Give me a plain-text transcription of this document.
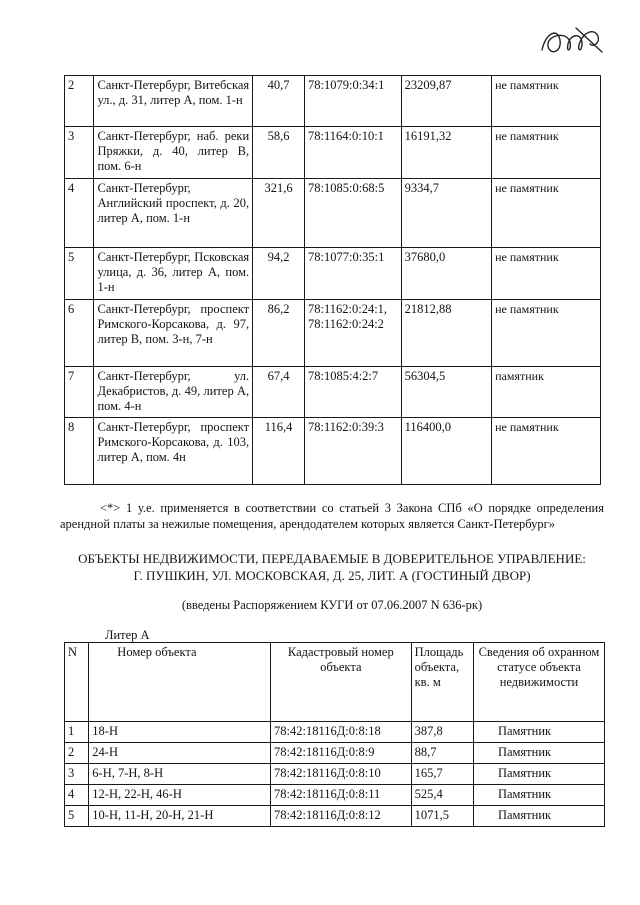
2	Санкт-Петербург, Витебская ул., д. 31, литер А, пом. 1-н	40,7	78:1079:0:34:1	23209,87	не памятник
3	Санкт-Петербург, наб. реки Пряжки, д. 40, литер В, пом. 6-н	58,6	78:1164:0:10:1	16191,32	не памятник
4	Санкт-Петербург, Английский проспект, д. 20, литер А, пом. 1-н	321,6	78:1085:0:68:5	9334,7	не памятник
5	Санкт-Петербург, Псковская улица, д. 36, литер А, пом. 1-н	94,2	78:1077:0:35:1	37680,0	не памятник
6	Санкт-Петербург, проспект Римского-Корсакова, д. 97, литер В, пом. 3-н, 7-н	86,2	78:1162:0:24:1, 78:1162:0:24:2	21812,88	не памятник
7	Санкт-Петербург, ул. Декабристов, д. 49, литер А, пом. 4-н	67,4	78:1085:4:2:7	56304,5	памятник
8	Санкт-Петербург, проспект Римского-Корсакова, д. 103, литер А, пом. 4н	116,4	78:1162:0:39:3	116400,0	не памятник
<*> 1 у.е. применяется в соответствии со статьей 3 Закона СПб «О порядке определения арендной платы за нежилые помещения, арендодателем которых является Санкт-Петербург»
ОБЪЕКТЫ НЕДВИЖИМОСТИ, ПЕРЕДАВАЕМЫЕ В ДОВЕРИТЕЛЬНОЕ УПРАВЛЕНИЕ:
Г. ПУШКИН, УЛ. МОСКОВСКАЯ, Д. 25, ЛИТ. А (ГОСТИНЫЙ ДВОР)
(введены Распоряжением КУГИ от 07.06.2007 N 636-рк)
Литер А
N	Номер объекта	Кадастровый номер объекта	Площадь объекта, кв. м	Сведения об охранном статусе объекта недвижимости
1	18-Н	78:42:18116Д:0:8:18	387,8	Памятник
2	24-Н	78:42:18116Д:0:8:9	88,7	Памятник
3	6-Н, 7-Н, 8-Н	78:42:18116Д:0:8:10	165,7	Памятник
4	12-Н, 22-Н, 46-Н	78:42:18116Д:0:8:11	525,4	Памятник
5	10-Н, 11-Н, 20-Н, 21-Н	78:42:18116Д:0:8:12	1071,5	Памятник
